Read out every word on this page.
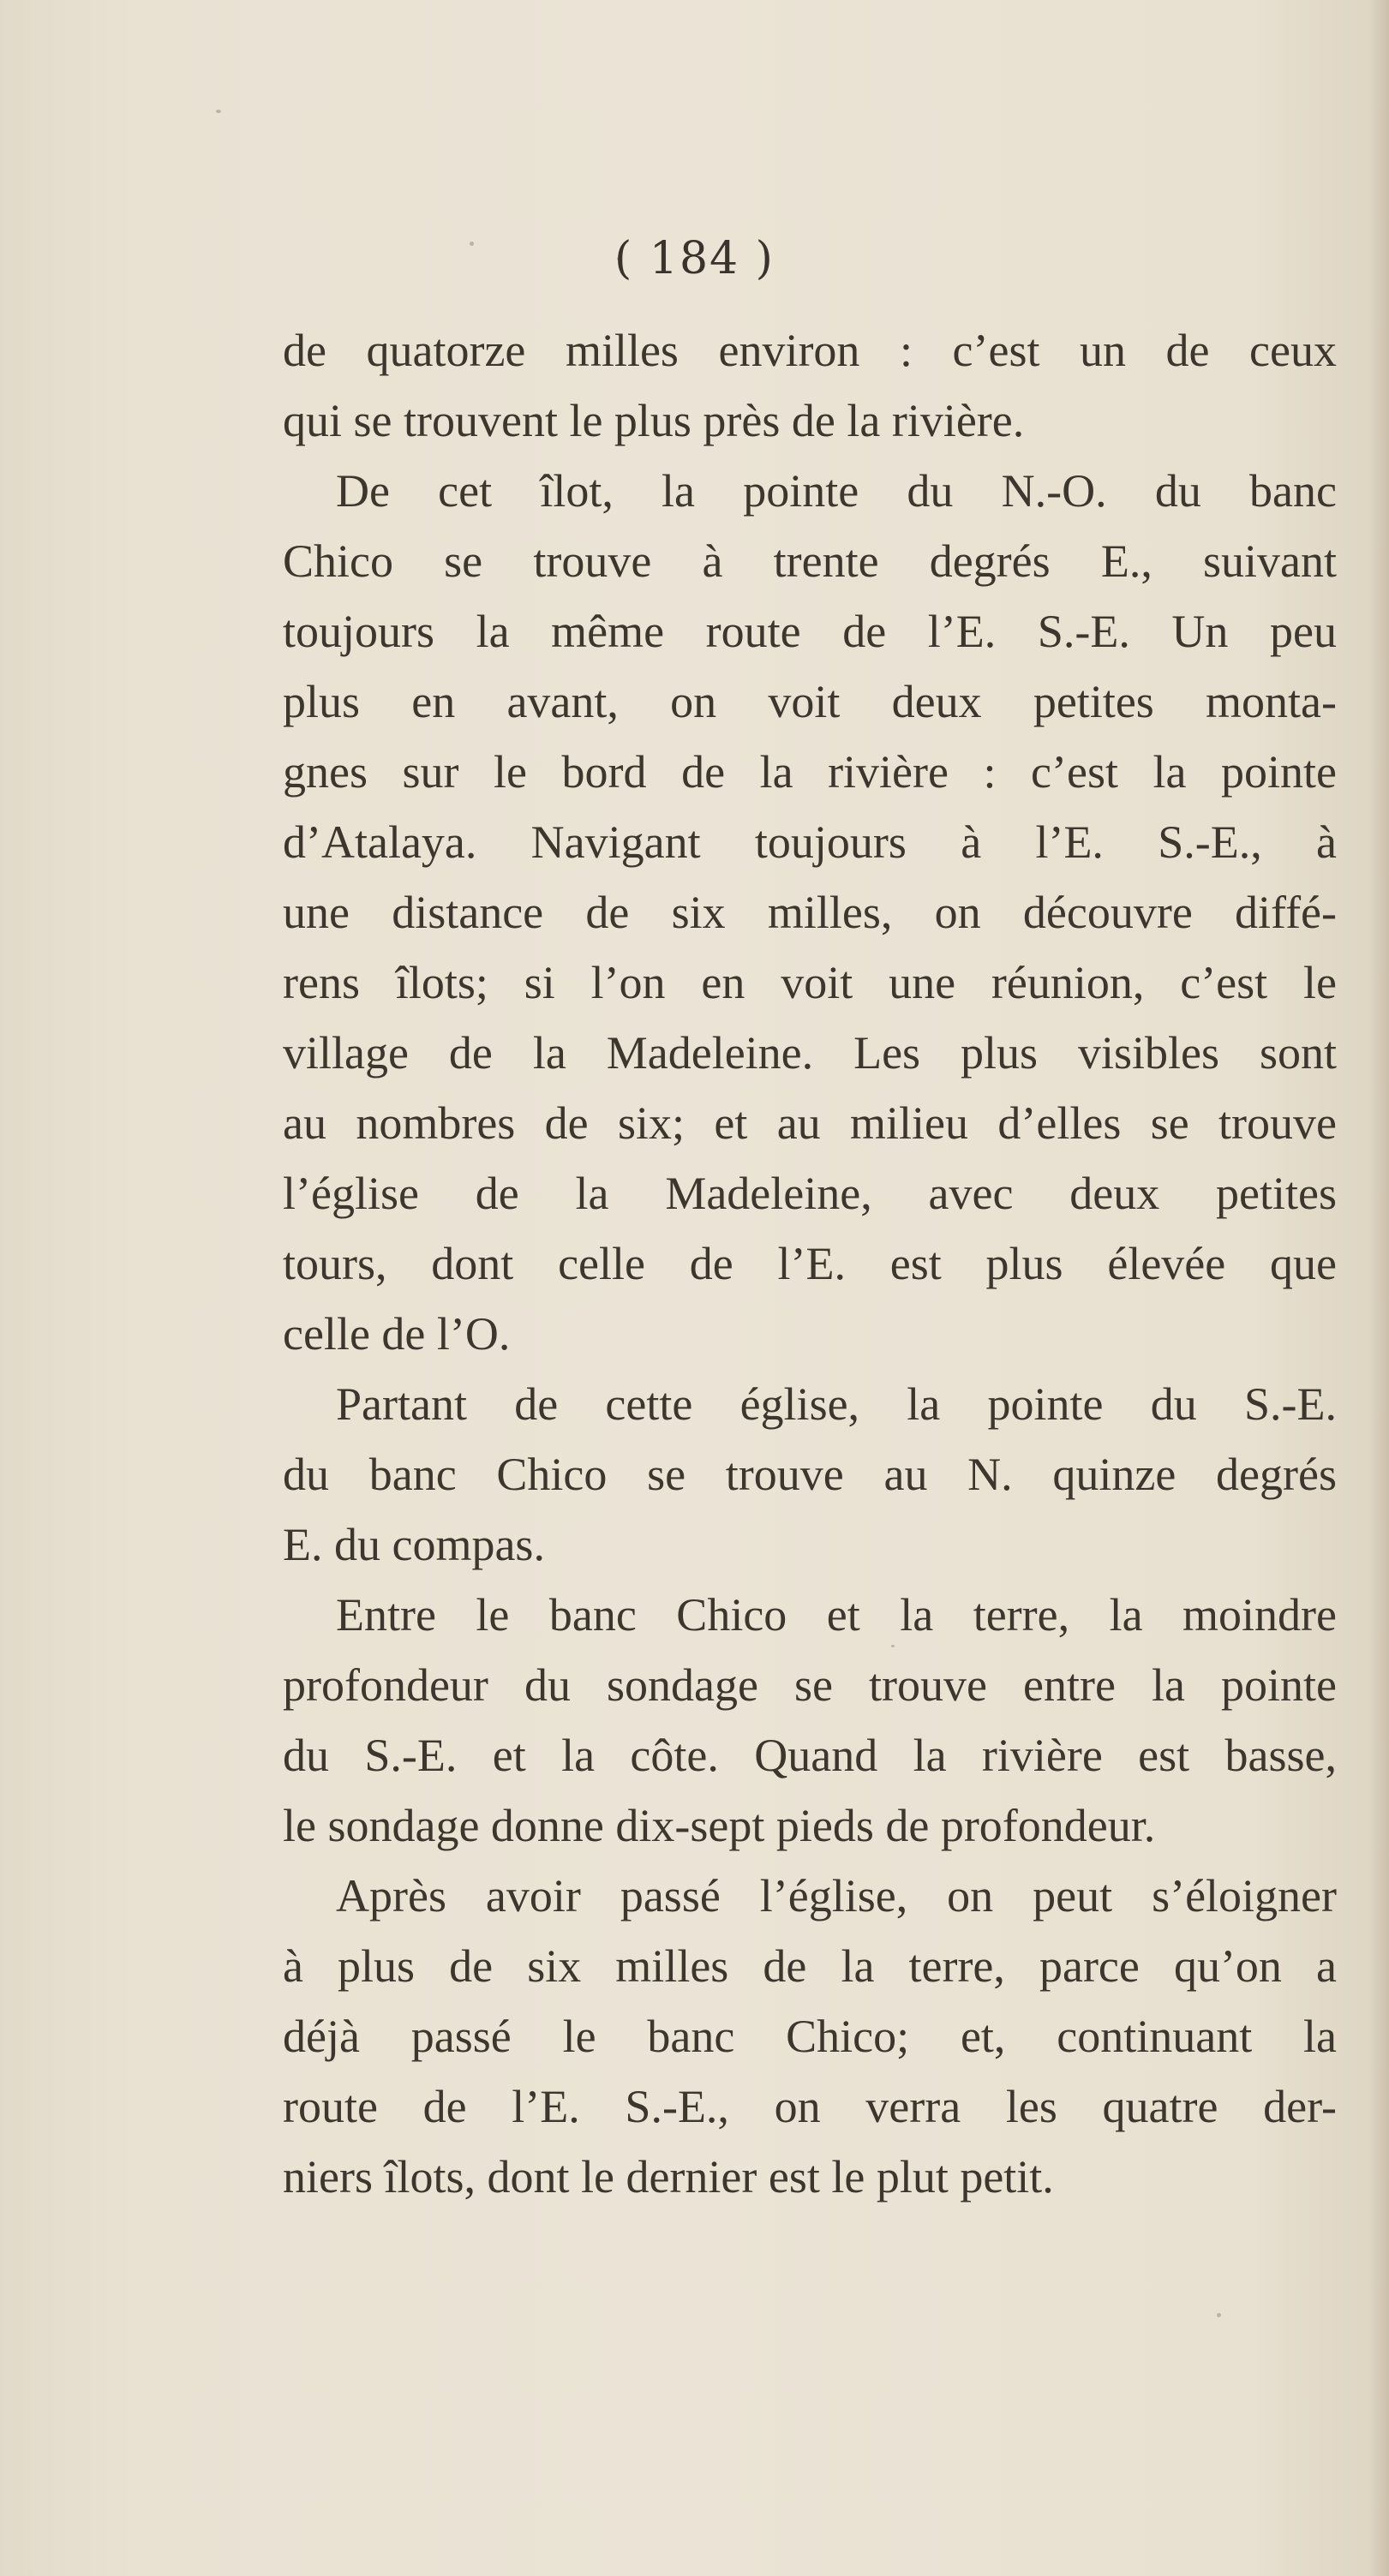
( 184 )
de quatorze milles environ : c’est un de ceux
qui se trouvent le plus près de la rivière.
De cet îlot, la pointe du N.-O. du banc
Chico se trouve à trente degrés E., suivant
toujours la même route de l’E. S.-E. Un peu
plus en avant, on voit deux petites monta-
gnes sur le bord de la rivière : c’est la pointe
d’Atalaya. Navigant toujours à l’E. S.-E., à
une distance de six milles, on découvre diffé-
rens îlots; si l’on en voit une réunion, c’est le
village de la Madeleine. Les plus visibles sont
au nombres de six; et au milieu d’elles se trouve
l’église de la Madeleine, avec deux petites
tours, dont celle de l’E. est plus élevée que
celle de l’O.
Partant de cette église, la pointe du S.-E.
du banc Chico se trouve au N. quinze degrés
E. du compas.
Entre le banc Chico et la terre, la moindre
profondeur du sondage se trouve entre la pointe
du S.-E. et la côte. Quand la rivière est basse,
le sondage donne dix-sept pieds de profondeur.
Après avoir passé l’église, on peut s’éloigner
à plus de six milles de la terre, parce qu’on a
déjà passé le banc Chico; et, continuant la
route de l’E. S.-E., on verra les quatre der-
niers îlots, dont le dernier est le plut petit.
